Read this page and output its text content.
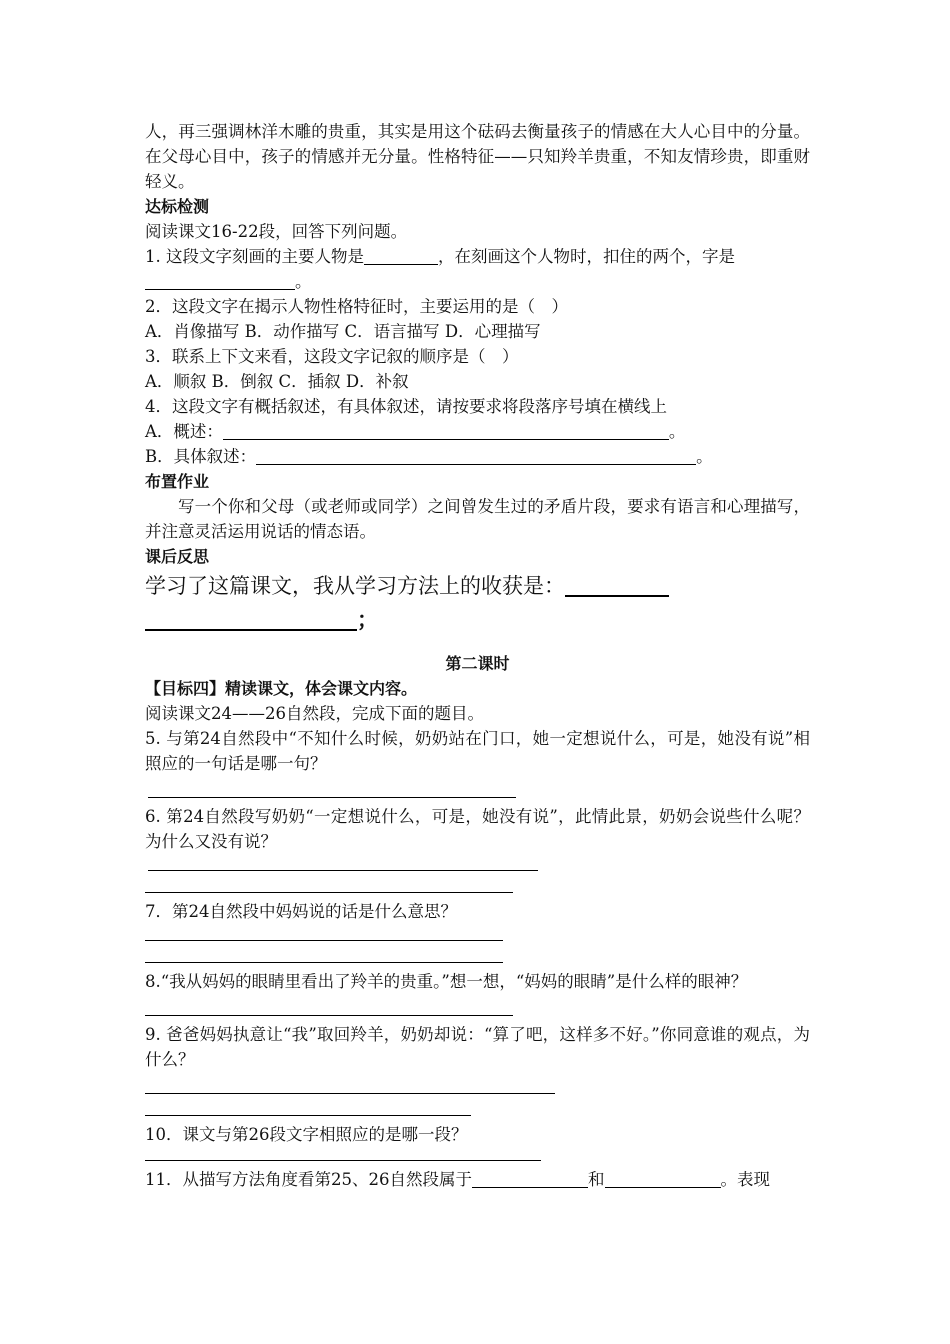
人，再三强调林洋木雕的贵重，其实是用这个砝码去衡量孩子的情感在大人心目中的分量。在父母心目中，孩子的情感并无分量。性格特征——只知羚羊贵重，不知友情珍贵，即重财轻义。

达标检测

阅读课文16-22段，回答下列问题。

1. 这段文字刻画的主要人物是	，在刻画这个人物时，扣住的两个，字是

。

2．这段文字在揭示人物性格特征时，主要运用的是（　）

A．肖像描写 B．动作描写 C．语言描写 D．心理描写

3．联系上下文来看，这段文字记叙的顺序是（　）

A．顺叙 B．倒叙 C．插叙 D．补叙

4．这段文字有概括叙述，有具体叙述，请按要求将段落序号填在横线上

A．概述：	。

B．具体叙述：	。

布置作业

写一个你和父母（或老师或同学）之间曾发生过的矛盾片段，要求有语言和心理描写，并注意灵活运用说话的情态语。

课后反思

学习了这篇课文，我从学习方法上的收获是：

；

第二课时

【目标四】精读课文，体会课文内容。

阅读课文24——26自然段，完成下面的题目。

5. 与第24自然段中“不知什么时候，奶奶站在门口，她一定想说什么，可是，她没有说”相照应的一句话是哪一句？

6. 第24自然段写奶奶“一定想说什么，可是，她没有说”，此情此景，奶奶会说些什么呢？为什么又没有说？

7．第24自然段中妈妈说的话是什么意思？

8.“我从妈妈的眼睛里看出了羚羊的贵重。”想一想，“妈妈的眼睛”是什么样的眼神？

9. 爸爸妈妈执意让“我”取回羚羊，奶奶却说：“算了吧，这样多不好。”你同意谁的观点，为什么？

10．课文与第26段文字相照应的是哪一段？

11．从描写方法角度看第25、26自然段属于	和	。表现
